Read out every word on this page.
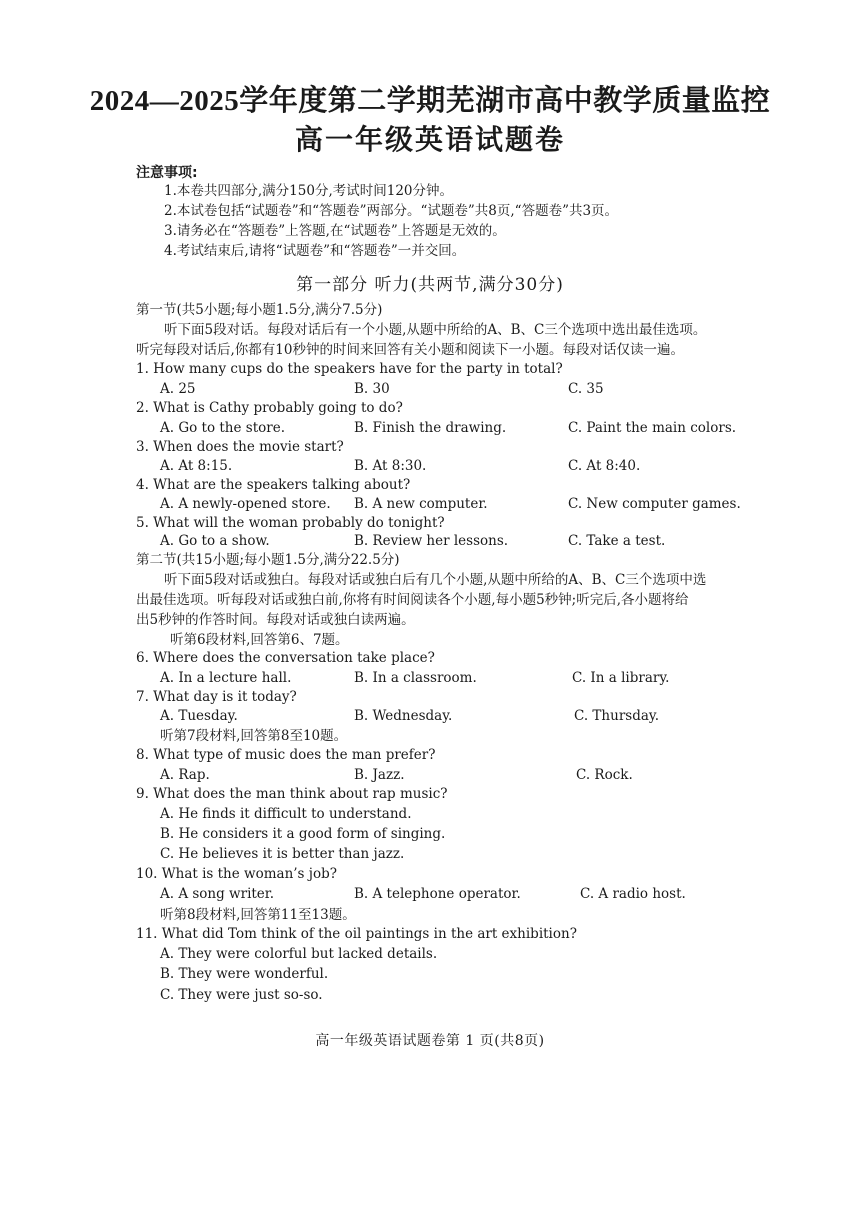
2024—2025学年度第二学期芜湖市高中教学质量监控
高一年级英语试题卷
注意事项:
1.本卷共四部分,满分150分,考试时间120分钟。
2.本试卷包括“试题卷”和“答题卷”两部分。“试题卷”共8页,“答题卷”共3页。
3.请务必在“答题卷”上答题,在“试题卷”上答题是无效的。
4.考试结束后,请将“试题卷”和“答题卷”一并交回。
第一部分 听力(共两节,满分30分)
第一节(共5小题;每小题1.5分,满分7.5分)
听下面5段对话。每段对话后有一个小题,从题中所给的A、B、C三个选项中选出最佳选项。
听完每段对话后,你都有10秒钟的时间来回答有关小题和阅读下一小题。每段对话仅读一遍。
1. How many cups do the speakers have for the party in total?
A. 25	B. 30	C. 35
2. What is Cathy probably going to do?
A. Go to the store.	B. Finish the drawing.	C. Paint the main colors.
3. When does the movie start?
A. At 8:15.	B. At 8:30.	C. At 8:40.
4. What are the speakers talking about?
A. A newly-opened store. B. A new computer.	C. New computer games.
5. What will the woman probably do tonight?
A. Go to a show.	B. Review her lessons.	C. Take a test.
第二节(共15小题;每小题1.5分,满分22.5分)
听下面5段对话或独白。每段对话或独白后有几个小题,从题中所给的A、B、C三个选项中选
出最佳选项。听每段对话或独白前,你将有时间阅读各个小题,每小题5秒钟;听完后,各小题将给
出5秒钟的作答时间。每段对话或独白读两遍。
听第6段材料,回答第6、7题。
6. Where does the conversation take place?
A. In a lecture hall.	B. In a classroom.	C. In a library.
7. What day is it today?
A. Tuesday.	B. Wednesday.	C. Thursday.
听第7段材料,回答第8至10题。
8. What type of music does the man prefer?
A. Rap.	B. Jazz.	C. Rock.
9. What does the man think about rap music?
A. He finds it difficult to understand.
B. He considers it a good form of singing.
C. He believes it is better than jazz.
10. What is the woman’s job?
A. A song writer.	B. A telephone operator.	C. A radio host.
听第8段材料,回答第11至13题。
11. What did Tom think of the oil paintings in the art exhibition?
A. They were colorful but lacked details.
B. They were wonderful.
C. They were just so-so.
高一年级英语试题卷第 1 页(共8页)
